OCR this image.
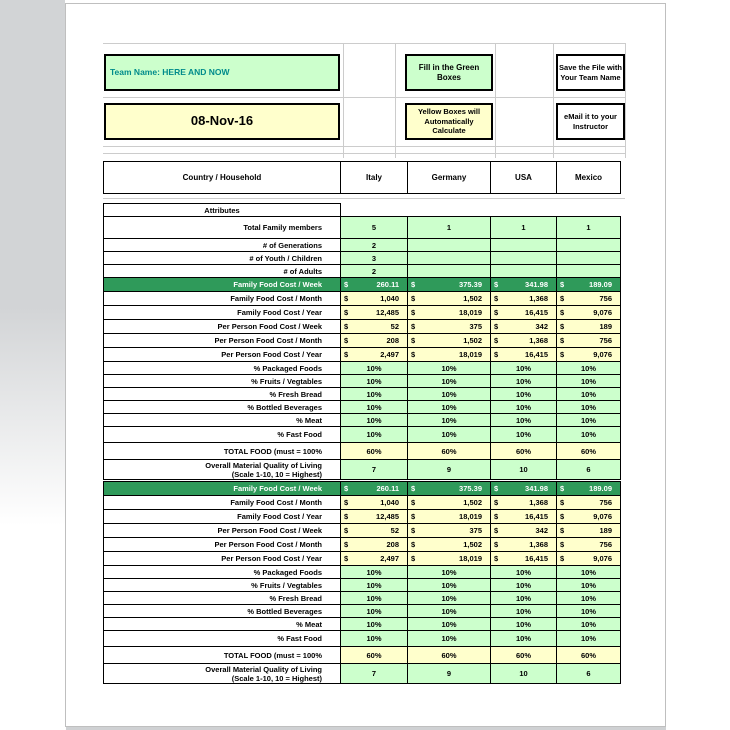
Team Name: HERE AND NOW
08-Nov-16
Fill in the Green Boxes
Yellow Boxes will Automatically Calculate
Save the File with Your Team Name
eMail it to your Instructor
Country / Household	Italy	Germany	USA	Mexico
Attributes
Total Family members	5	1	1	1
# of Generations	2
# of Youth / Children	3
# of Adults	2
Family Food Cost / Week	$	260.11 $	375.39 $	341.98 $	189.09
Family Food Cost / Month	$	1,040 $	1,502 $	1,368 $	756
Family Food Cost / Year	$	12,485 $	18,019 $	16,415 $	9,076
Per Person Food Cost / Week	$	52 $	375 $	342 $	189
Per Person Food Cost / Month	$	208 $	1,502 $	1,368 $	756
Per Person Food Cost / Year	$	2,497 $	18,019 $	16,415 $	9,076
% Packaged Foods	10%	10%	10%	10%
% Fruits / Vegtables	10%	10%	10%	10%
% Fresh Bread	10%	10%	10%	10%
% Bottled Beverages	10%	10%	10%	10%
% Meat	10%	10%	10%	10%
% Fast Food	10%	10%	10%	10%
TOTAL FOOD (must = 100%	60%	60%	60%	60%
Overall Material Quality of Living
(Scale 1-10, 10 = Highest)	7	9	10	6
Family Food Cost / Week	$	260.11 $	375.39 $	341.98 $	189.09
Family Food Cost / Month	$	1,040 $	1,502 $	1,368 $	756
Family Food Cost / Year	$	12,485 $	18,019 $	16,415 $	9,076
Per Person Food Cost / Week	$	52 $	375 $	342 $	189
Per Person Food Cost / Month	$	208 $	1,502 $	1,368 $	756
Per Person Food Cost / Year	$	2,497 $	18,019 $	16,415 $	9,076
% Packaged Foods	10%	10%	10%	10%
% Fruits / Vegtables	10%	10%	10%	10%
% Fresh Bread	10%	10%	10%	10%
% Bottled Beverages	10%	10%	10%	10%
% Meat	10%	10%	10%	10%
% Fast Food	10%	10%	10%	10%
TOTAL FOOD (must = 100%	60%	60%	60%	60%
Overall Material Quality of Living
(Scale 1-10, 10 = Highest)	7	9	10	6
